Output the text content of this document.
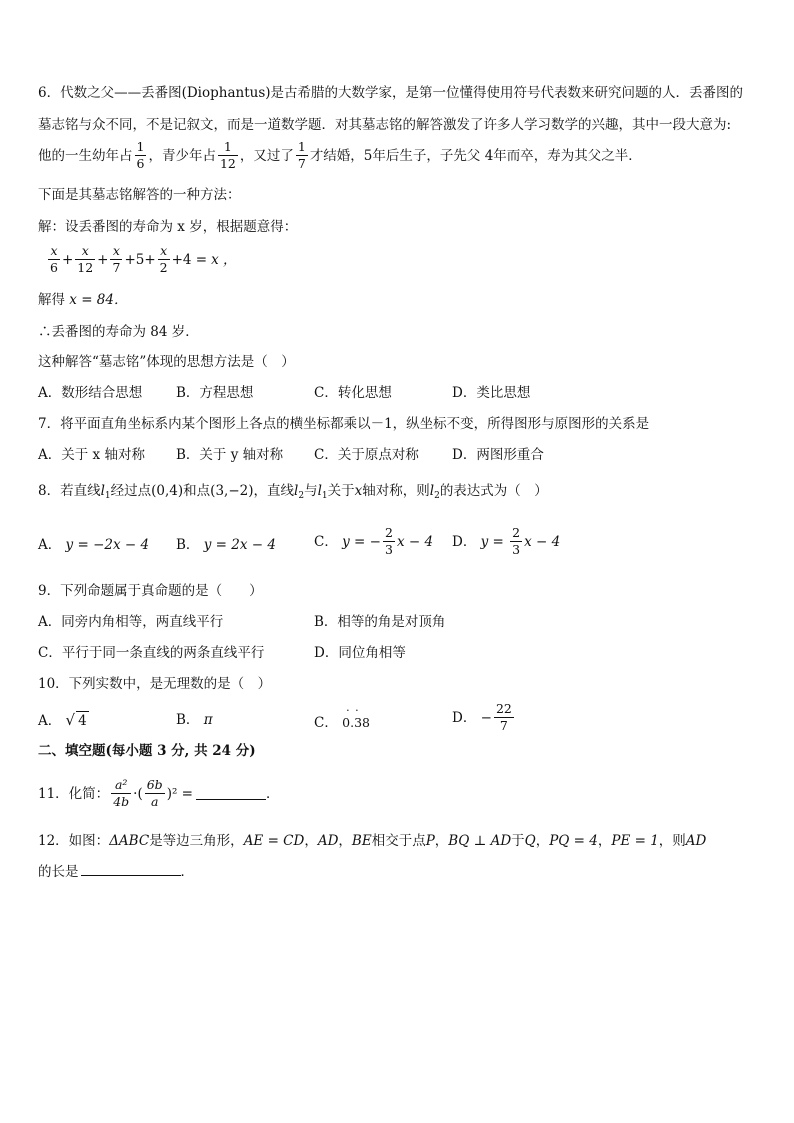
6．代数之父——丢番图(Diophantus)是古希腊的大数学家，是第一位懂得使用符号代表数来研究问题的人．丢番图的
墓志铭与众不同，不是记叙文，而是一道数学题．对其墓志铭的解答激发了许多人学习数学的兴趣，其中一段大意为:
他的一生幼年占 $\frac{1}{6}$ ，青少年占 $\frac{1}{12}$ ，又过了 $\frac{1}{7}$ 才结婚，5年后生子，子先父 4年而卒，寿为其父之半．
下面是其墓志铭解答的一种方法：
解：设丢番图的寿命为 x 岁，根据题意得：
$\frac{x}{6} + \frac{x}{12} + \frac{x}{7} +5+ \frac{x}{2} +4 = x$ ，
解得 x = 84．
∴丢番图的寿命为 84 岁．
这种解答“墓志铭”体现的思想方法是（　）
A．数形结合思想	B．方程思想	C．转化思想	D．类比思想
7．将平面直角坐标系内某个图形上各点的横坐标都乘以－1，纵坐标不变，所得图形与原图形的关系是
A．关于 x 轴对称 B．关于 y 轴对称 C．关于原点对称 D．两图形重合
8．若直线$l_1$经过点(0,4)和点(3,−2)，直线$l_2$与$l_1$关于x轴对称，则$l_2$的表达式为（　）
A． y = −2x − 4 B． y = 2x − 4	C．
y = − $\frac{2}{3}$ x − 4 D．
y =
$\frac{2}{3}$ x − 4
9．下列命题属于真命题的是（　　）
A．同旁内角相等，两直线平行	B．相等的角是对顶角
C．平行于同一条直线的两条直线平行	D．同位角相等
10．下列实数中，是无理数的是（　）
A． √ 4	B． π	C． · · 0.38	D．
− $\frac{22}{7}$
二、填空题(每小题 3 分, 共 24 分)
11．化简： $\frac{\text{a²}}{4b}$ ·( $\frac{6b}{a} )^2$ =	．
12．如图：ΔABC是等边三角形，AE = CD，AD，BE相交于点P，BQ ⊥ AD于Q，PQ = 4，PE = 1，则AD
的长是	．
